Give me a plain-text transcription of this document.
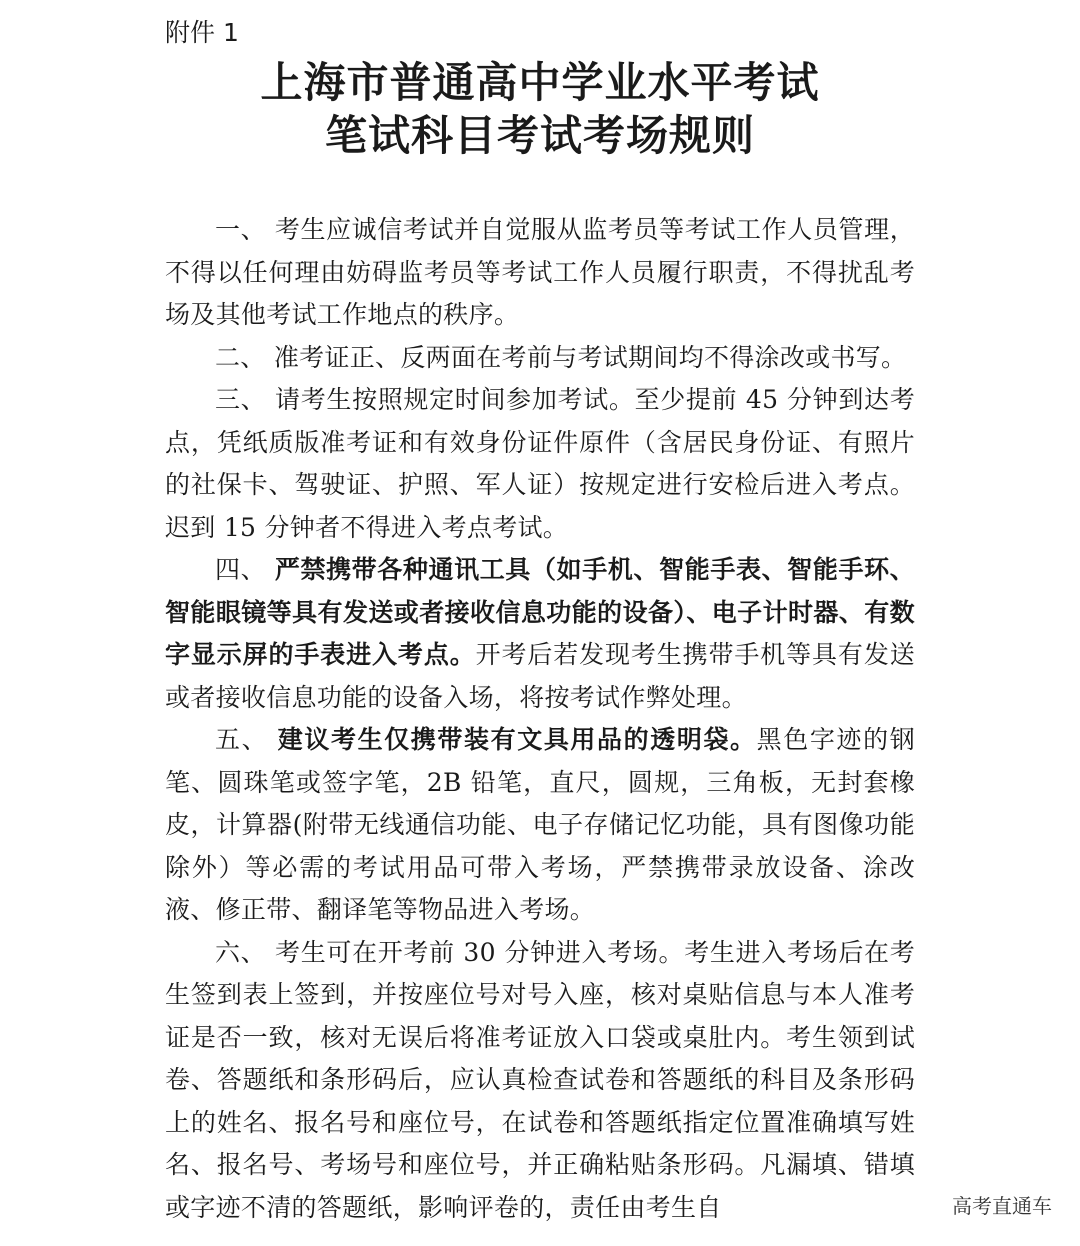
附件 1

上海市普通高中学业水平考试
笔试科目考试考场规则

一、 考生应诚信考试并自觉服从监考员等考试工作人员管理，不得以任何理由妨碍监考员等考试工作人员履行职责，不得扰乱考场及其他考试工作地点的秩序。

二、 准考证正、反两面在考前与考试期间均不得涂改或书写。

三、 请考生按照规定时间参加考试。至少提前 45 分钟到达考点，凭纸质版准考证和有效身份证件原件（含居民身份证、有照片的社保卡、驾驶证、护照、军人证）按规定进行安检后进入考点。迟到 15 分钟者不得进入考点考试。

四、 严禁携带各种通讯工具（如手机、智能手表、智能手环、智能眼镜等具有发送或者接收信息功能的设备）、电子计时器、有数字显示屏的手表进入考点。开考后若发现考生携带手机等具有发送或者接收信息功能的设备入场，将按考试作弊处理。

五、 建议考生仅携带装有文具用品的透明袋。黑色字迹的钢笔、圆珠笔或签字笔，2B 铅笔，直尺，圆规，三角板，无封套橡皮，计算器(附带无线通信功能、电子存储记忆功能，具有图像功能除外）等必需的考试用品可带入考场，严禁携带录放设备、涂改液、修正带、翻译笔等物品进入考场。

六、 考生可在开考前 30 分钟进入考场。考生进入考场后在考生签到表上签到，并按座位号对号入座，核对桌贴信息与本人准考证是否一致，核对无误后将准考证放入口袋或桌肚内。考生领到试卷、答题纸和条形码后，应认真检查试卷和答题纸的科目及条形码上的姓名、报名号和座位号，在试卷和答题纸指定位置准确填写姓名、报名号、考场号和座位号，并正确粘贴条形码。凡漏填、错填或字迹不清的答题纸，影响评卷的，责任由考生自	高考直通车
